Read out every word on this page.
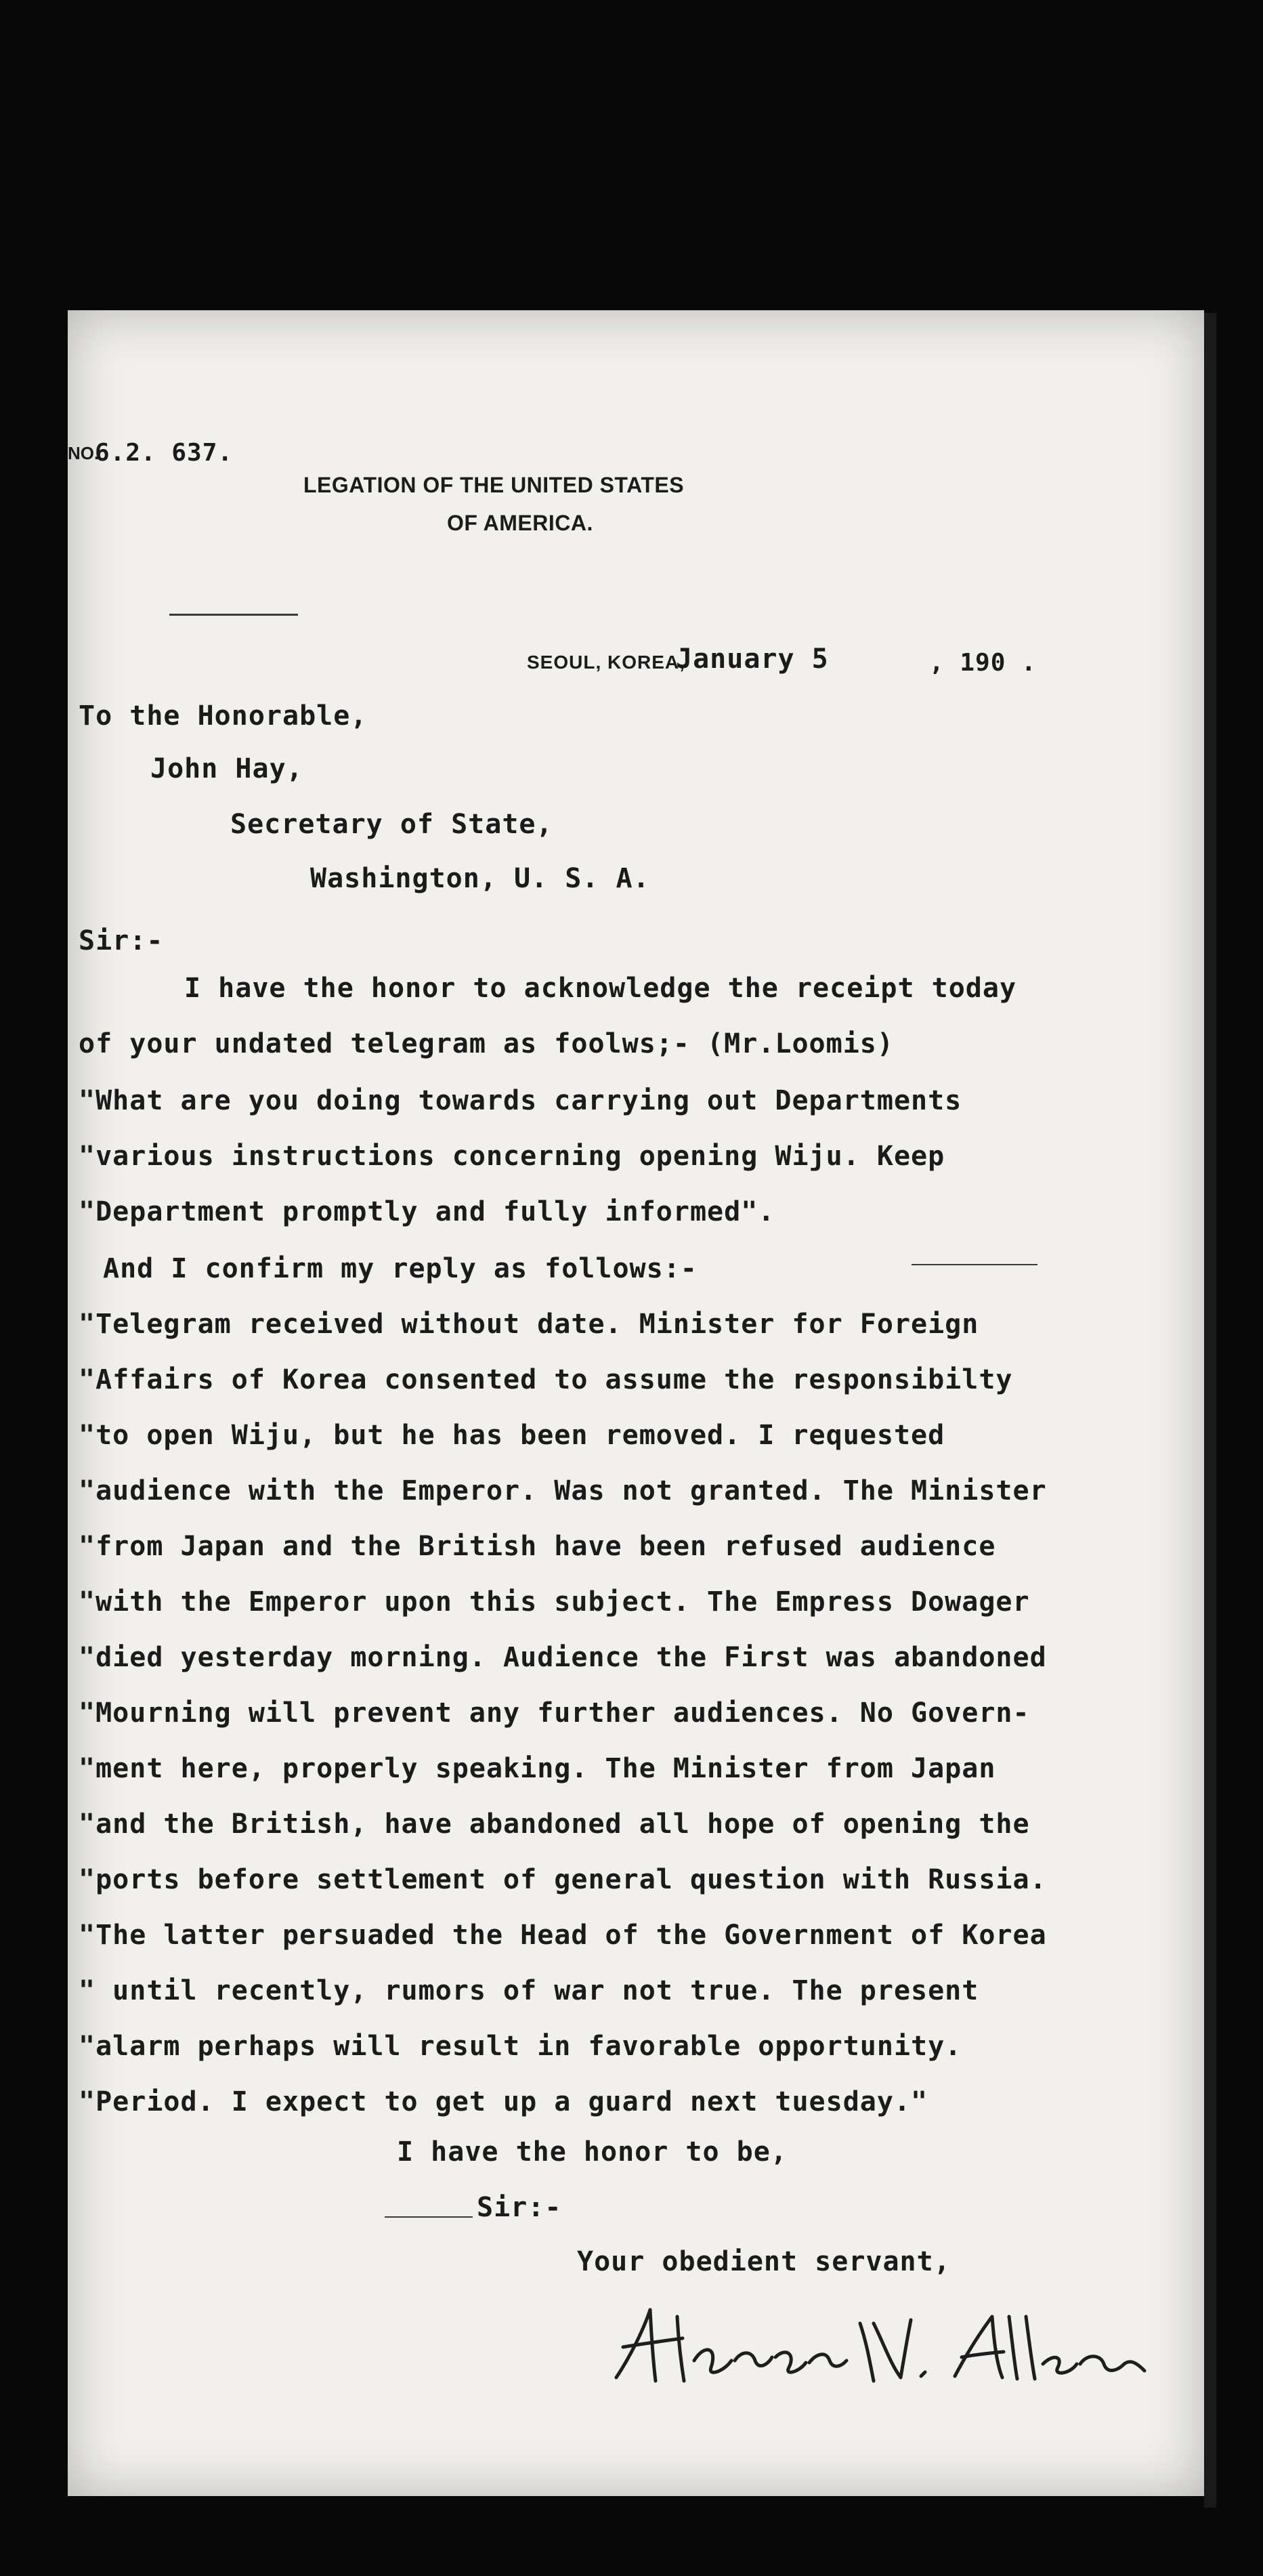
NO.
6.2. 637.
LEGATION OF THE UNITED STATES
OF AMERICA.
SEOUL, KOREA,
January 5	, 190 .
To the Honorable,
John Hay,
Secretary of State,
Washington, U. S. A.
Sir:-
I have the honor to acknowledge the receipt today
of your undated telegram as foolws;- (Mr.Loomis)
"What are you doing towards carrying out Departments
"various instructions concerning opening Wiju. Keep
"Department promptly and fully informed".
And I confirm my reply as follows:-
"Telegram received without date. Minister for Foreign
"Affairs of Korea consented to assume the responsibilty
"to open Wiju, but he has been removed. I requested
"audience with the Emperor. Was not granted. The Minister
"from Japan and the British have been refused audience
"with the Emperor upon this subject. The Empress Dowager
"died yesterday morning. Audience the First was abandoned
"Mourning will prevent any further audiences. No Govern-
"ment here, properly speaking. The Minister from Japan
"and the British, have abandoned all hope of opening the
"ports before settlement of general question with Russia.
"The latter persuaded the Head of the Government of Korea
" until recently, rumors of war not true. The present
"alarm perhaps will result in favorable opportunity.
"Period. I expect to get up a guard next tuesday."
I have the honor to be,
Sir:-
Your obedient servant,
